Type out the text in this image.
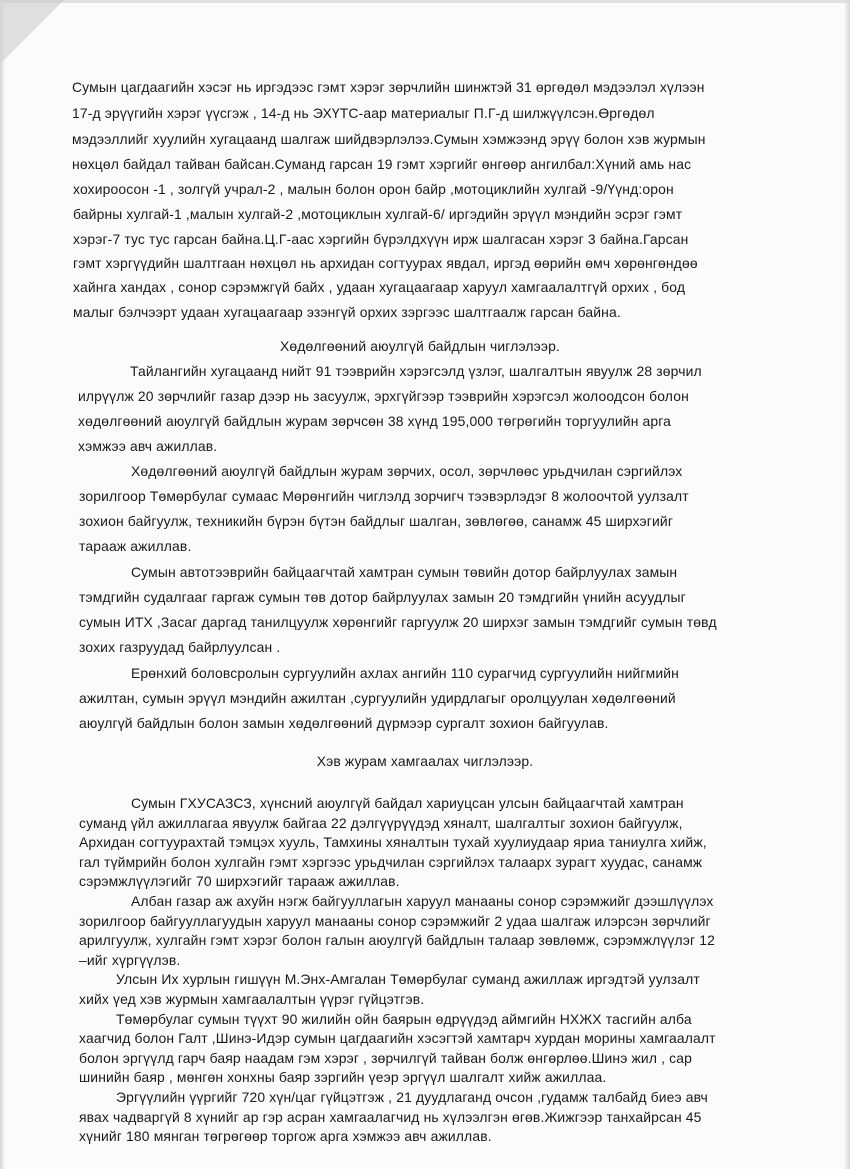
Сумын цагдаагийн хэсэг нь иргэдээс гэмт хэрэг зөрчлийн шинжтэй 31 өргөдөл мэдээлэл хүлээн
17-д эрүүгийн хэрэг үүсгэж , 14-д нь ЭХҮТС-аар материалыг П.Г-д шилжүүлсэн.Өргөдөл
мэдээллийг хуулийн хугацаанд шалгаж шийдвэрлэлээ.Сумын хэмжээнд эрүү болон хэв журмын
нөхцөл байдал тайван байсан.Суманд гарсан 19 гэмт хэргийг өнгөөр ангилбал:Хүний амь нас
хохироосон -1 , золгүй учрал-2 , малын болон орон байр ,мотоциклийн хулгай -9/Үүнд:орон
байрны хулгай-1 ,малын хулгай-2 ,мотоциклын хулгай-6/ иргэдийн эрүүл мэндийн эсрэг гэмт
хэрэг-7 тус тус гарсан байна.Ц.Г-аас хэргийн бүрэлдхүүн ирж шалгасан хэрэг 3 байна.Гарсан
гэмт хэргүүдийн шалтгаан нөхцөл нь архидан согтуурах явдал, иргэд өөрийн өмч хөрөнгөндөө
хайнга хандах , сонор сэрэмжгүй байх , удаан хугацаагаар харуул хамгаалалтгүй орхих , бод
малыг бэлчээрт удаан хугацаагаар эзэнгүй орхих зэргээс шалтгаалж гарсан байна.
Хөдөлгөөний аюулгүй байдлын чиглэлээр.
Тайлангийн хугацаанд нийт 91 тээврийн хэрэгсэлд үзлэг, шалгалтын явуулж 28 зөрчил
илрүүлж 20 зөрчлийг газар дээр нь засуулж, эрхгүйгээр тээврийн хэрэгсэл жолоодсон болон
хөдөлгөөний аюулгүй байдлын журам зөрчсөн 38 хүнд 195,000 төгрөгийн торгуулийн арга
хэмжээ авч ажиллав.
Хөдөлгөөний аюулгүй байдлын журам зөрчих, осол, зөрчлөөс урьдчилан сэргийлэх
зорилгоор Төмөрбулаг сумаас Мөрөнгийн чиглэлд зорчигч тээвэрлэдэг 8 жолоочтой уулзалт
зохион байгуулж, техникийн бүрэн бүтэн байдлыг шалган, зөвлөгөө, санамж 45 ширхэгийг
тарааж ажиллав.
Сумын автотээврийн байцаагчтай хамтран сумын төвийн дотор байрлуулах замын
тэмдгийн судалгааг гаргаж сумын төв дотор байрлуулах замын 20 тэмдгийн үнийн асуудлыг
сумын ИТХ ,Засаг даргад танилцуулж хөрөнгийг гаргуулж 20 ширхэг замын тэмдгийг сумын төвд
зохих газруудад байрлуулсан .
Ерөнхий боловсролын сургуулийн ахлах ангийн 110 сурагчид сургуулийн нийгмийн
ажилтан, сумын эрүүл мэндийн ажилтан ,сургуулийн удирдлагыг оролцуулан хөдөлгөөний
аюулгүй байдлын болон замын хөдөлгөөний дүрмээр сургалт зохион байгуулав.
Хэв журам хамгаалах чиглэлээр.
Сумын ГХУСАЗСЗ, хүнсний аюулгүй байдал хариуцсан улсын байцаагчтай хамтран
суманд үйл ажиллагаа явуулж байгаа 22 дэлгүүрүүдэд хяналт, шалгалтыг зохион байгуулж,
Архидан согтуурахтай тэмцэх хууль, Тамхины хяналтын тухай хуулиудаар яриа таниулга хийж,
гал түймрийн болон хулгайн гэмт хэргээс урьдчилан сэргийлэх талаарх зурагт хуудас, санамж
сэрэмжлүүлэгийг 70 ширхэгийг тарааж ажиллав.
Албан газар аж ахуйн нэгж байгууллагын харуул манааны сонор сэрэмжийг дээшлүүлэх
зорилгоор байгууллагуудын харуул манааны сонор сэрэмжийг 2 удаа шалгаж илэрсэн зөрчлийг
арилгуулж, хулгайн гэмт хэрэг болон галын аюулгүй байдлын талаар зөвлөмж, сэрэмжлүүлэг 12
–ийг хүргүүлэв.
Улсын Их хурлын гишүүн М.Энх-Амгалан Төмөрбулаг суманд ажиллаж иргэдтэй уулзалт
хийх үед хэв журмын хамгаалалтын үүрэг гүйцэтгэв.
Төмөрбулаг сумын түүхт 90 жилийн ойн баярын өдрүүдэд аймгийн НХЖХ тасгийн алба
хаагчид болон Галт ,Шинэ-Идэр сумын цагдаагийн хэсэгтэй хамтарч хурдан морины хамгаалалт
болон эргүүлд гарч баяр наадам гэм хэрэг , зөрчилгүй тайван болж өнгөрлөө.Шинэ жил , сар
шинийн баяр , мөнгөн хонхны баяр зэргийн үеэр эргүүл шалгалт хийж ажиллаа.
Эргүүлийн үүргийг 720 хүн/цаг гүйцэтгэж , 21 дуудлаганд очсон ,гудамж талбайд биеэ авч
явах чадваргүй 8 хүнийг ар гэр асран хамгаалагчид нь хүлээлгэн өгөв.Жижгээр танхайрсан 45
хүнийг 180 мянган төгрөгөөр торгож арга хэмжээ авч ажиллав.
